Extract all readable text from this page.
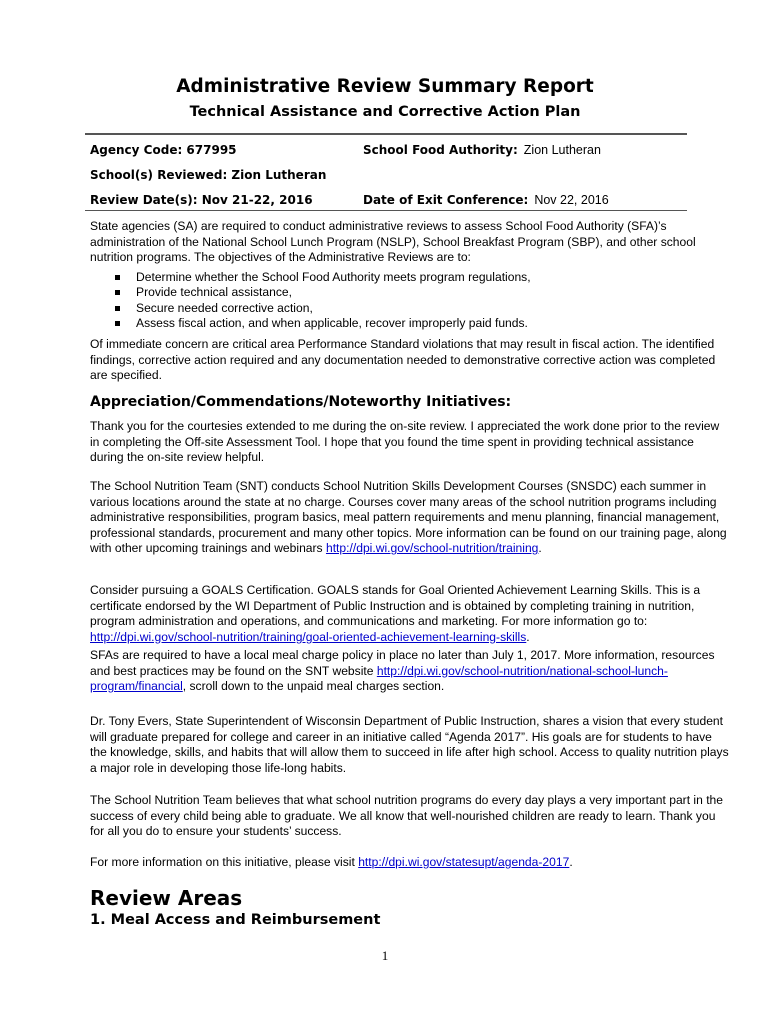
Administrative Review Summary Report
Technical Assistance and Corrective Action Plan
Agency Code: 677995	School Food Authority: Zion Lutheran
School(s) Reviewed: Zion Lutheran
Review Date(s): Nov 21-22, 2016	Date of Exit Conference: Nov 22, 2016

State agencies (SA) are required to conduct administrative reviews to assess School Food Authority (SFA)’s administration of the National School Lunch Program (NSLP), School Breakfast Program (SBP), and other school nutrition programs. The objectives of the Administrative Reviews are to:

Determine whether the School Food Authority meets program regulations,
Provide technical assistance,
Secure needed corrective action,
Assess fiscal action, and when applicable, recover improperly paid funds.

Of immediate concern are critical area Performance Standard violations that may result in fiscal action. The identified findings, corrective action required and any documentation needed to demonstrative corrective action was completed are specified.

Appreciation/Commendations/Noteworthy Initiatives:

Thank you for the courtesies extended to me during the on-site review. I appreciated the work done prior to the review in completing the Off-site Assessment Tool. I hope that you found the time spent in providing technical assistance during the on-site review helpful.

The School Nutrition Team (SNT) conducts School Nutrition Skills Development Courses (SNSDC) each summer in various locations around the state at no charge. Courses cover many areas of the school nutrition programs including administrative responsibilities, program basics, meal pattern requirements and menu planning, financial management, professional standards, procurement and many other topics. More information can be found on our training page, along with other upcoming trainings and webinars http://dpi.wi.gov/school-nutrition/training.

Consider pursuing a GOALS Certification. GOALS stands for Goal Oriented Achievement Learning Skills. This is a certificate endorsed by the WI Department of Public Instruction and is obtained by completing training in nutrition, program administration and operations, and communications and marketing. For more information go to: http://dpi.wi.gov/school-nutrition/training/goal-oriented-achievement-learning-skills.

SFAs are required to have a local meal charge policy in place no later than July 1, 2017. More information, resources and best practices may be found on the SNT website http://dpi.wi.gov/school-nutrition/national-school-lunch-program/financial, scroll down to the unpaid meal charges section.

Dr. Tony Evers, State Superintendent of Wisconsin Department of Public Instruction, shares a vision that every student will graduate prepared for college and career in an initiative called “Agenda 2017”. His goals are for students to have the knowledge, skills, and habits that will allow them to succeed in life after high school. Access to quality nutrition plays a major role in developing those life-long habits.

The School Nutrition Team believes that what school nutrition programs do every day plays a very important part in the success of every child being able to graduate. We all know that well-nourished children are ready to learn. Thank you for all you do to ensure your students’ success.

For more information on this initiative, please visit http://dpi.wi.gov/statesupt/agenda-2017.

Review Areas
1. Meal Access and Reimbursement
1
